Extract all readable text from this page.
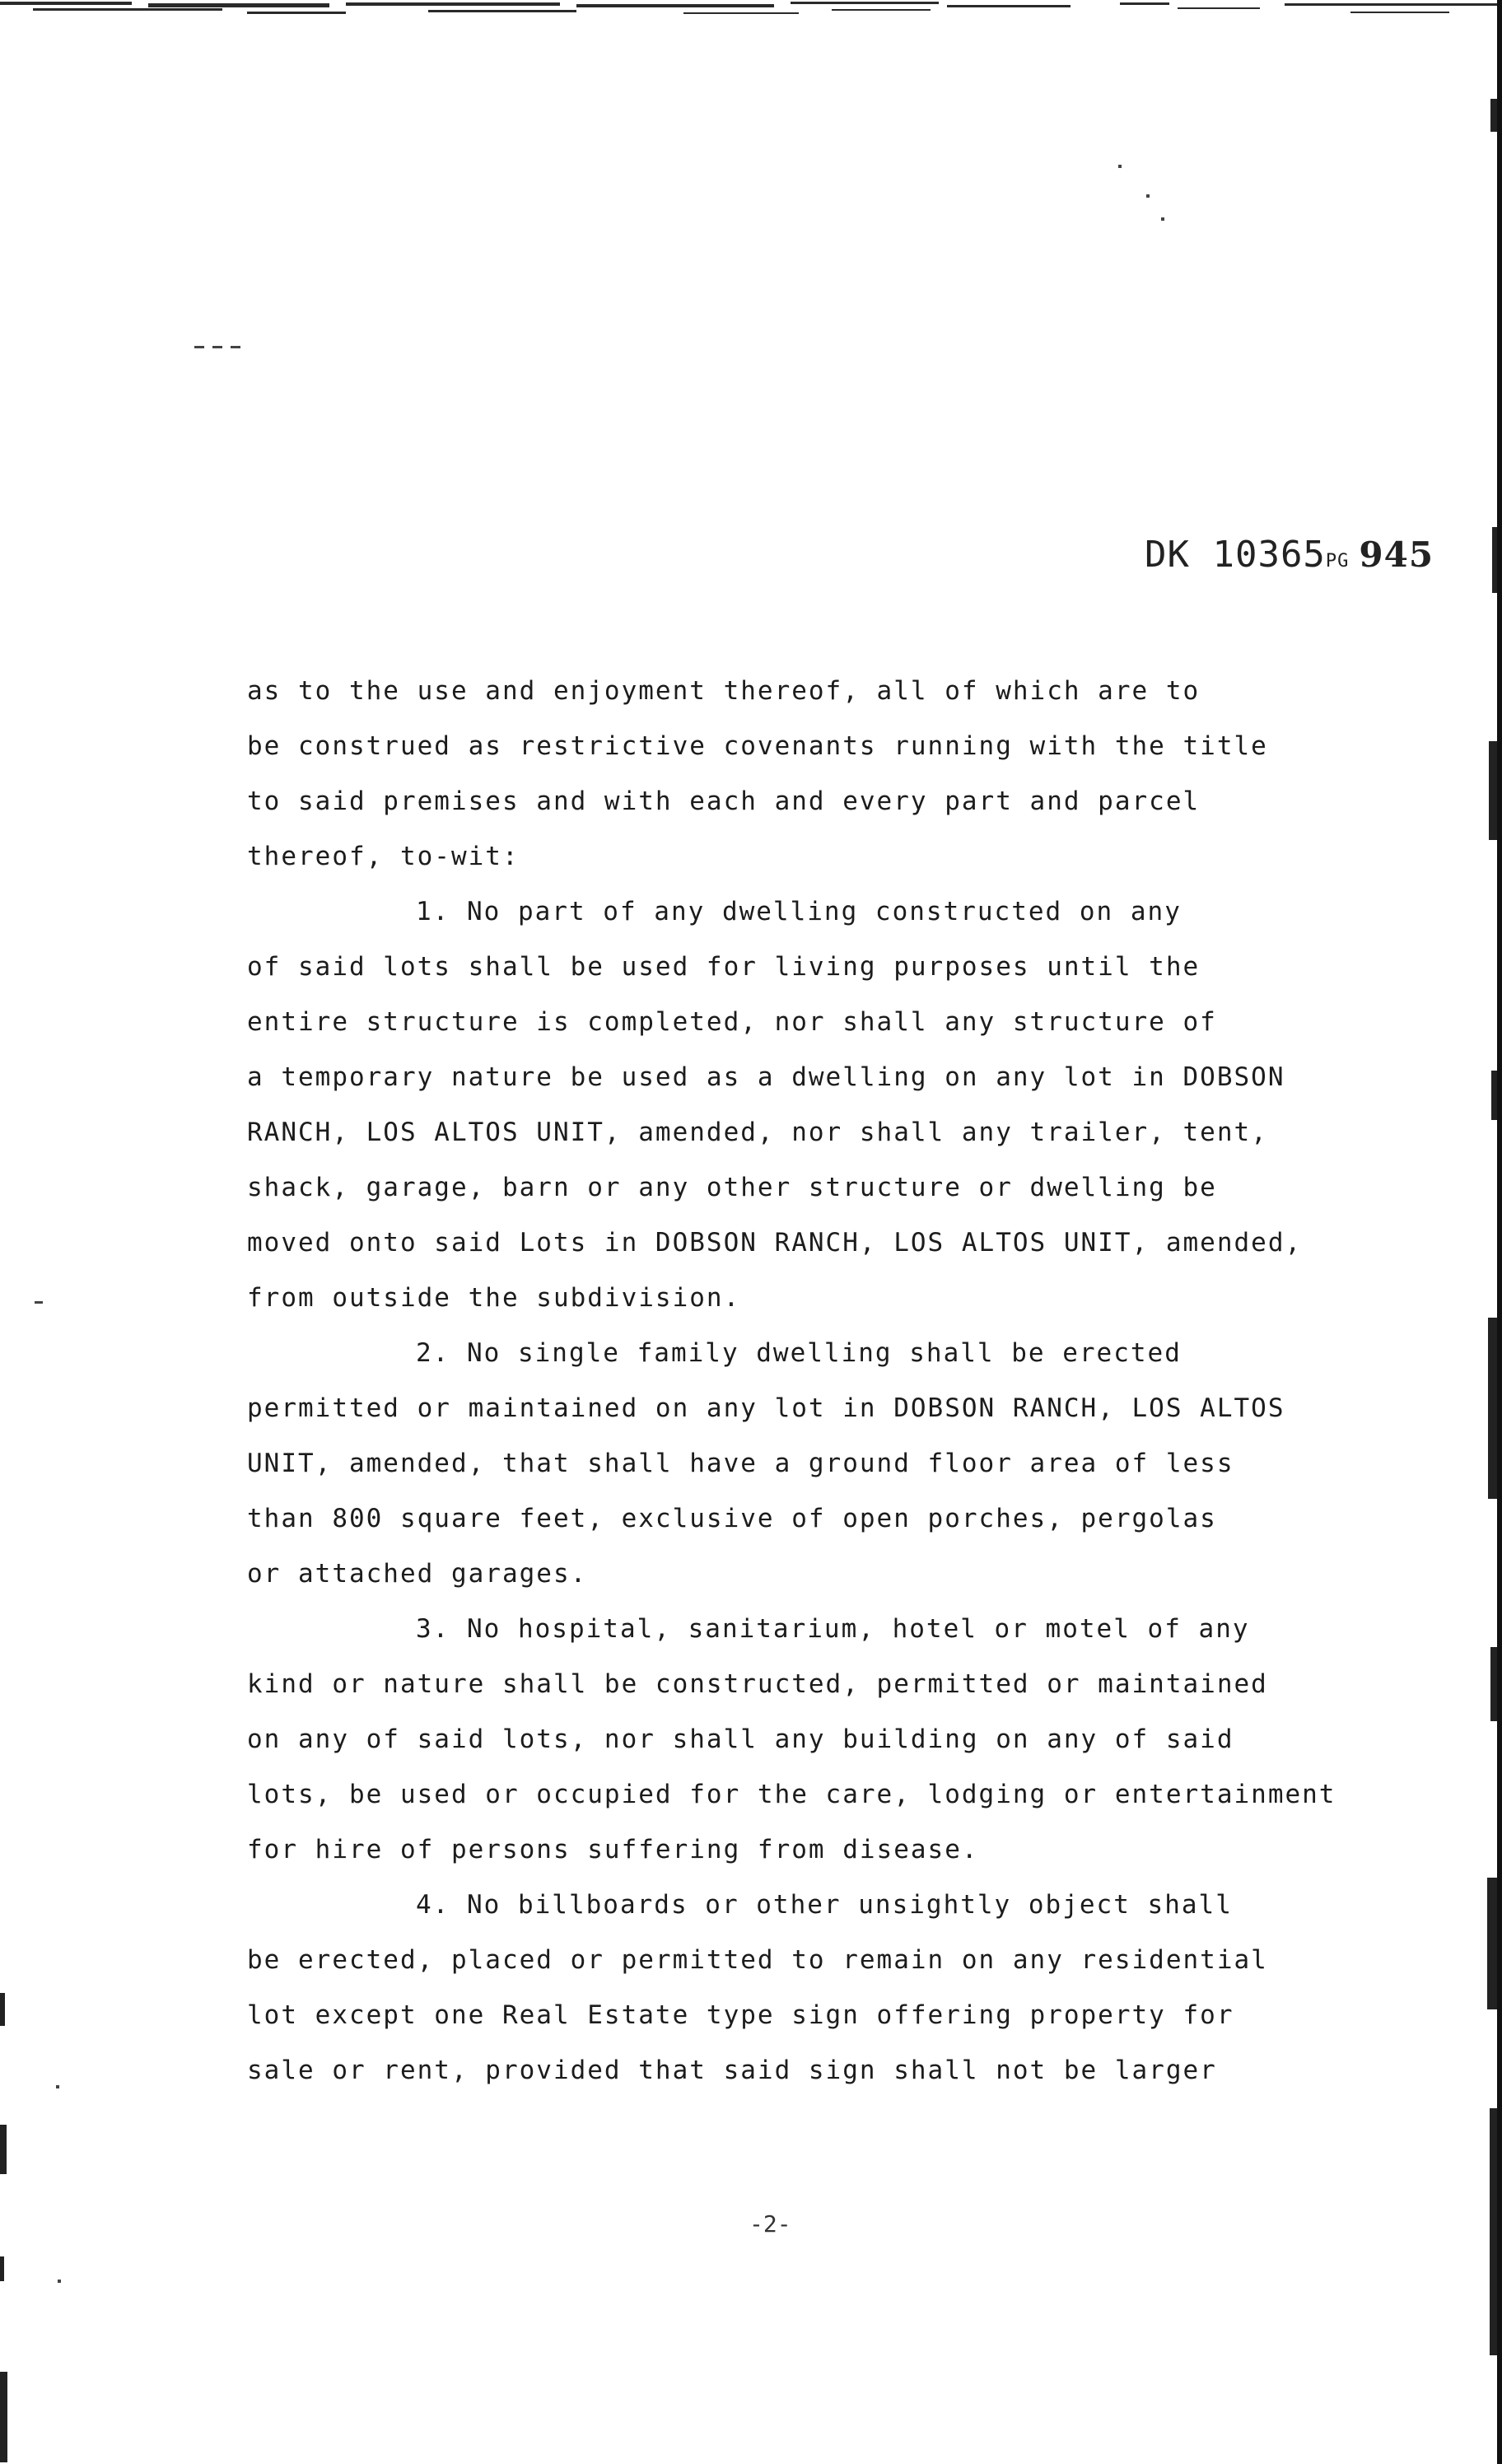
DK 10365PG 945
as to the use and enjoyment thereof, all of which are to
be construed as restrictive covenants running with the title
to said premises and with each and every part and parcel
thereof, to-wit:
1. No part of any dwelling constructed on any
of said lots shall be used for living purposes until the
entire structure is completed, nor shall any structure of
a temporary nature be used as a dwelling on any lot in DOBSON
RANCH, LOS ALTOS UNIT, amended, nor shall any trailer, tent,
shack, garage, barn or any other structure or dwelling be
moved onto said Lots in DOBSON RANCH, LOS ALTOS UNIT, amended,
from outside the subdivision.
2. No single family dwelling shall be erected
permitted or maintained on any lot in DOBSON RANCH, LOS ALTOS
UNIT, amended, that shall have a ground floor area of less
than 800 square feet, exclusive of open porches, pergolas
or attached garages.
3. No hospital, sanitarium, hotel or motel of any
kind or nature shall be constructed, permitted or maintained
on any of said lots, nor shall any building on any of said
lots, be used or occupied for the care, lodging or entertainment
for hire of persons suffering from disease.
4. No billboards or other unsightly object shall
be erected, placed or permitted to remain on any residential
lot except one Real Estate type sign offering property for
sale or rent, provided that said sign shall not be larger
-2-
